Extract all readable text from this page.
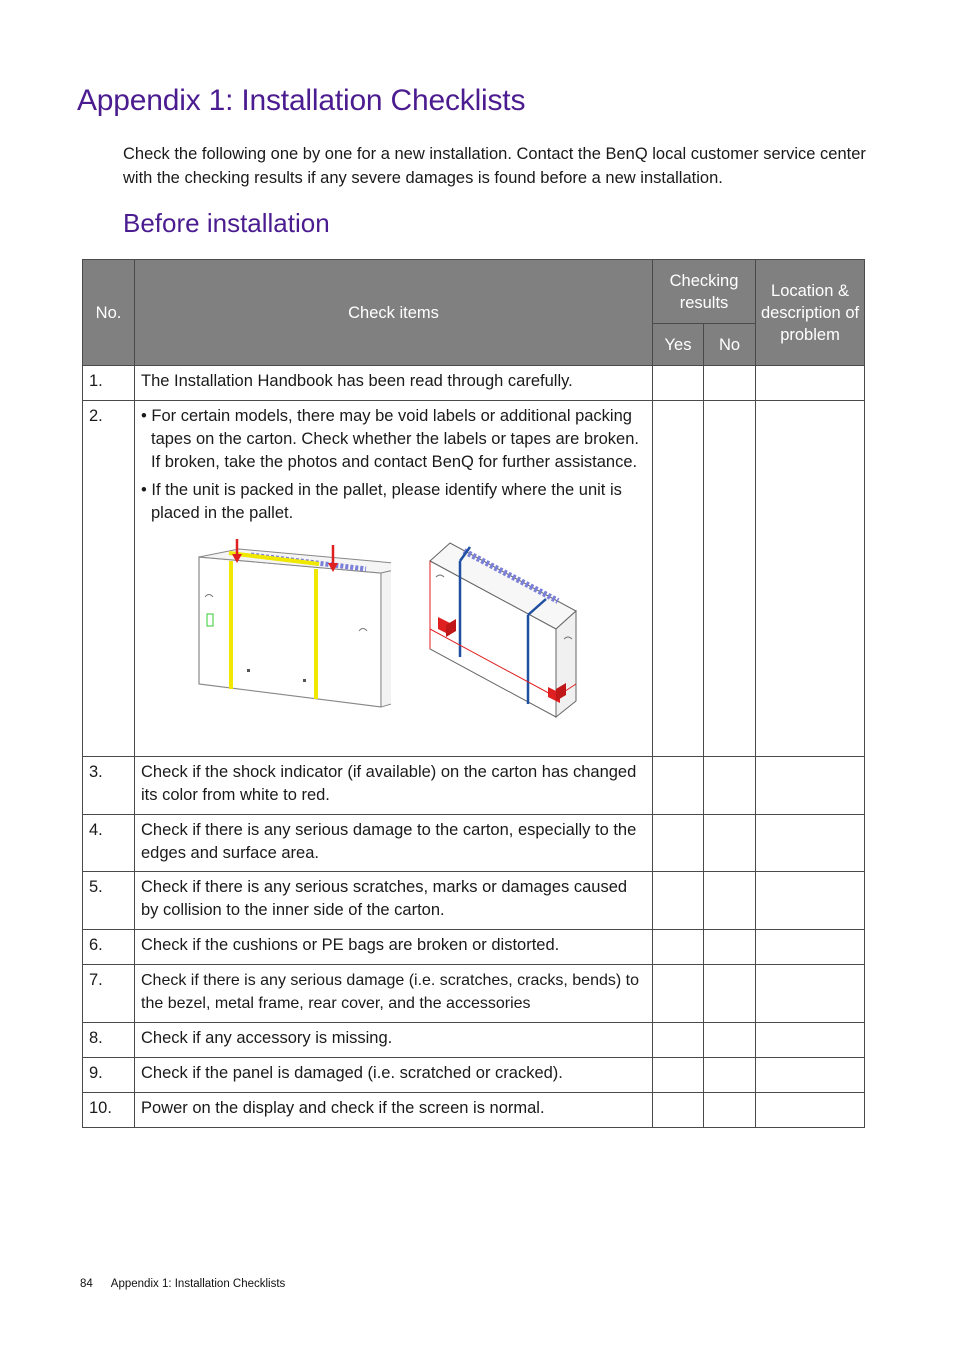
Appendix 1: Installation Checklists

Check the following one by one for a new installation. Contact the BenQ local customer service center with the checking results if any severe damages is found before a new installation.

Before installation
No.	Check items	Checking results		Location & description of problem
		Yes	No	
1.	The Installation Handbook has been read through carefully.			
2.	• For certain models, there may be void labels or additional packing tapes on the carton. Check whether the labels or tapes are broken. If broken, take the photos and contact BenQ for further assistance.

• If the unit is packed in the pallet, please identify where the unit is placed in the pallet.			

3.	Check if the shock indicator (if available) on the carton has changed its color from white to red.			
4.	Check if there is any serious damage to the carton, especially to the edges and surface area.			
5.	Check if there is any serious scratches, marks or damages caused by collision to the inner side of the carton.			
6.	Check if the cushions or PE bags are broken or distorted.			
7.	Check if there is any serious damage (i.e. scratches, cracks, bends) to the bezel, metal frame, rear cover, and the accessories			
8.	Check if any accessory is missing.			
9.	Check if the panel is damaged (i.e. scratched or cracked).			
10.	Power on the display and check if the screen is normal.			
84 Appendix 1: Installation Checklists
